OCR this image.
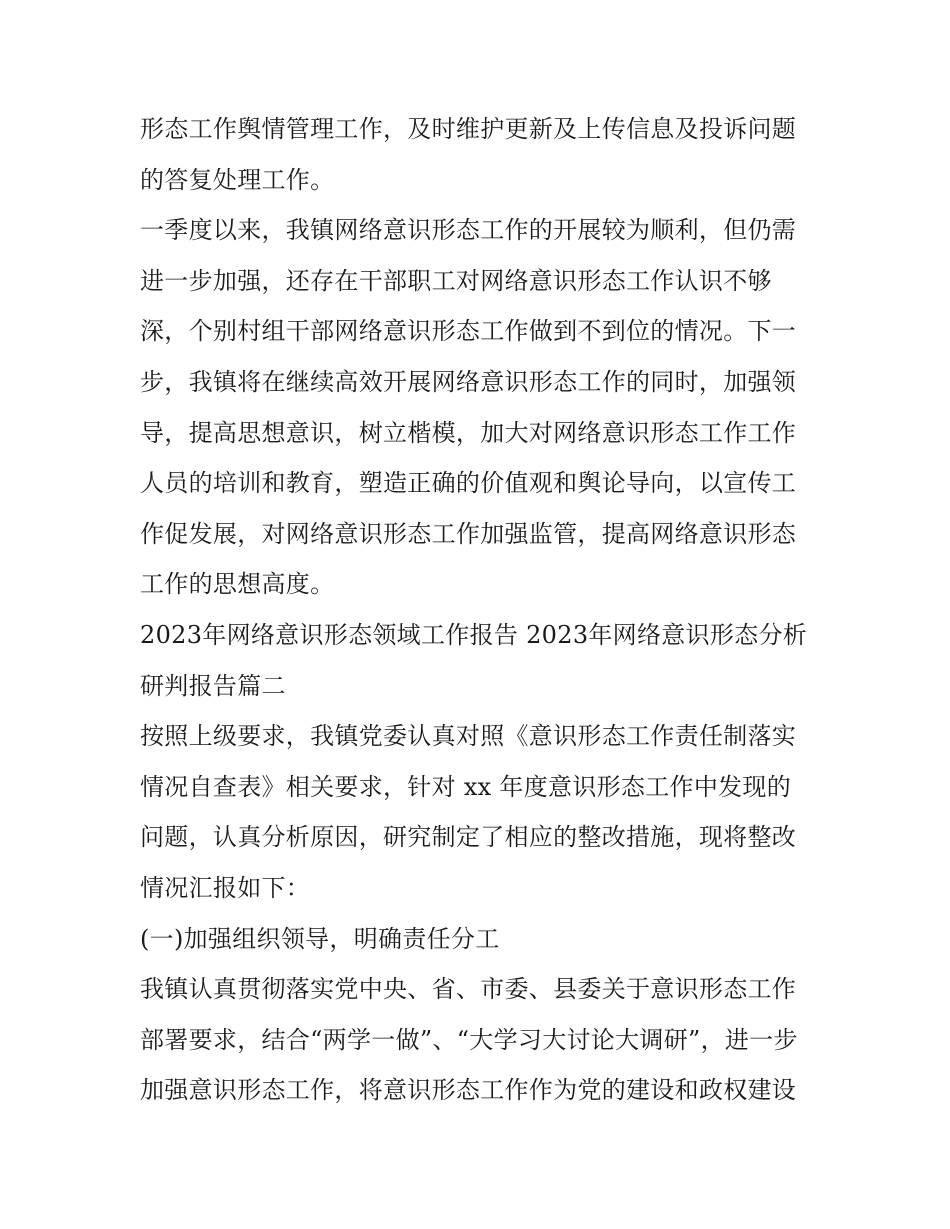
形态工作舆情管理工作，及时维护更新及上传信息及投诉问题
的答复处理工作。
一季度以来，我镇网络意识形态工作的开展较为顺利，但仍需
进一步加强，还存在干部职工对网络意识形态工作认识不够
深，个别村组干部网络意识形态工作做到不到位的情况。下一
步，我镇将在继续高效开展网络意识形态工作的同时，加强领
导，提高思想意识，树立楷模，加大对网络意识形态工作工作
人员的培训和教育，塑造正确的价值观和舆论导向，以宣传工
作促发展，对网络意识形态工作加强监管，提高网络意识形态
工作的思想高度。
2023年网络意识形态领域工作报告 2023年网络意识形态分析
研判报告篇二
按照上级要求，我镇党委认真对照《意识形态工作责任制落实
情况自查表》相关要求，针对 xx 年度意识形态工作中发现的
问题，认真分析原因，研究制定了相应的整改措施，现将整改
情况汇报如下：
(一)加强组织领导，明确责任分工
我镇认真贯彻落实党中央、省、市委、县委关于意识形态工作
部署要求，结合“两学一做”、“大学习大讨论大调研”，进一步
加强意识形态工作，将意识形态工作作为党的建设和政权建设
